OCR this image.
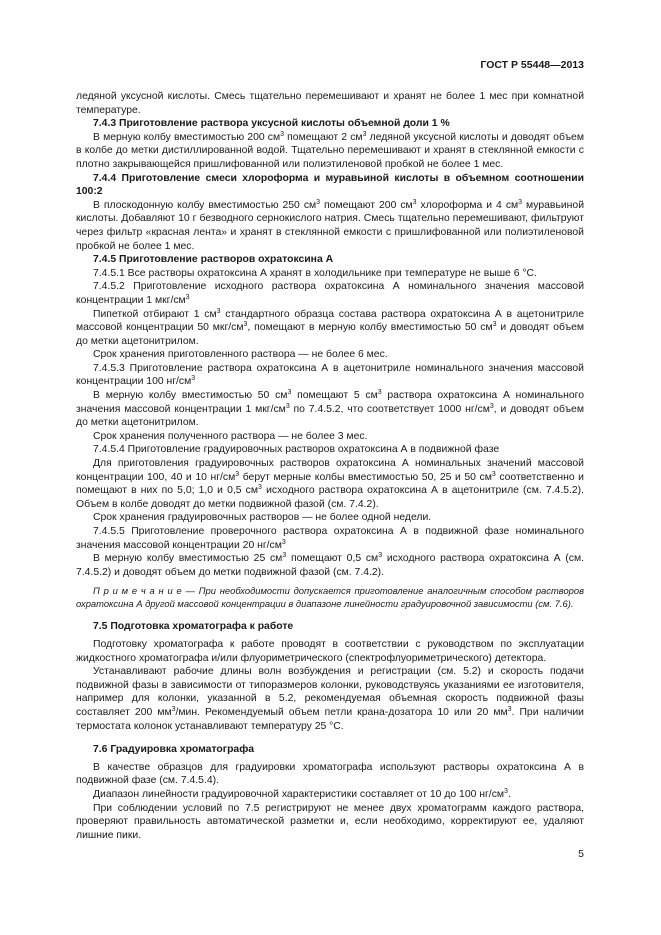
ГОСТ Р 55448—2013

ледяной уксусной кислоты. Смесь тщательно перемешивают и хранят не более 1 мес при комнатной температуре.

7.4.3 Приготовление раствора уксусной кислоты объемной доли 1 %

В мерную колбу вместимостью 200 $см^3$ помещают 2 $см^3$ ледяной уксусной кислоты и доводят объем в колбе до метки дистиллированной водой. Тщательно перемешивают и хранят в стеклянной емкости с плотно закрывающейся пришлифованной или полиэтиленовой пробкой не более 1 мес.

7.4.4 Приготовление смеси хлороформа и муравьиной кислоты в объемном соотношении 100:2

В плоскодонную колбу вместимостью 250 $см^3$ помещают 200 $см^3$ хлороформа и 4 $см^3$ муравьиной кислоты. Добавляют 10 г безводного сернокислого натрия. Смесь тщательно перемешивают, фильтруют через фильтр «красная лента» и хранят в стеклянной емкости с пришлифованной или полиэтиленовой пробкой не более 1 мес.

7.4.5 Приготовление растворов охратоксина А

7.4.5.1 Все растворы охратоксина А хранят в холодильнике при температуре не выше 6 °С.

7.4.5.2 Приготовление исходного раствора охратоксина А номинального значения массовой концентрации 1 мкг/$см^3$

Пипеткой отбирают 1 $см^3$ стандартного образца состава раствора охратоксина А в ацетонитриле массовой концентрации 50 мкг/$см^3$, помещают в мерную колбу вместимостью 50 $см^3$ и доводят объем до метки ацетонитрилом.

Срок хранения приготовленного раствора — не более 6 мес.

7.4.5.3 Приготовление раствора охратоксина А в ацетонитриле номинального значения массовой концентрации 100 $нг/см^3$

В мерную колбу вместимостью 50 $см^3$ помещают 5 $см^3$ раствора охратоксина А номинального значения массовой концентрации 1 мкг/$см^3$ по 7.4.5.2, что соответствует 1000 $нг/см^3$, и доводят объем до метки ацетонитрилом.

Срок хранения полученного раствора — не более 3 мес.

7.4.5.4 Приготовление градуировочных растворов охратоксина А в подвижной фазе

Для приготовления градуировочных растворов охратоксина А номинальных значений массовой концентрации 100, 40 и 10 $нг/см^3$ берут мерные колбы вместимостью 50, 25 и 50 $см^3$ соответственно и помещают в них по 5,0; 1,0 и 0,5 $см^3$ исходного раствора охратоксина А в ацетонитриле (см. 7.4.5.2). Объем в колбе доводят до метки подвижной фазой (см. 7.4.2).

Срок хранения градуировочных растворов — не более одной недели.

7.4.5.5 Приготовление проверочного раствора охратоксина А в подвижной фазе номинального значения массовой концентрации 20 $нг/см^3$

В мерную колбу вместимостью 25 $см^3$ помещают 0,5 $см^3$ исходного раствора охратоксина А (см. 7.4.5.2) и доводят объем до метки подвижной фазой (см. 7.4.2).

П р и м е ч а н и е — При необходимости допускается приготовление аналогичным способом растворов охратоксина А другой массовой концентрации в диапазоне линейности градуировочной зависимости (см. 7.6).

7.5 Подготовка хроматографа к работе

Подготовку хроматографа к работе проводят в соответствии с руководством по эксплуатации жидкостного хроматографа и/или флуориметрического (спектрофлуориметрического) детектора.

Устанавливают рабочие длины волн возбуждения и регистрации (см. 5.2) и скорость подачи подвижной фазы в зависимости от типоразмеров колонки, руководствуясь указаниями ее изготовителя, например для колонки, указанной в 5.2, рекомендуемая объемная скорость подвижной фазы составляет 200 $мм^3$/мин. Рекомендуемый объем петли крана-дозатора 10 или 20 $мм^3$. При наличии термостата колонок устанавливают температуру 25 °С.

7.6 Градуировка хроматографа

В качестве образцов для градуировки хроматографа используют растворы охратоксина А в подвижной фазе (см. 7.4.5.4).

Диапазон линейности градуировочной характеристики составляет от 10 до 100 $нг/см^3$.

При соблюдении условий по 7.5 регистрируют не менее двух хроматограмм каждого раствора, проверяют правильность автоматической разметки и, если необходимо, корректируют ее, удаляют лишние пики.

5
